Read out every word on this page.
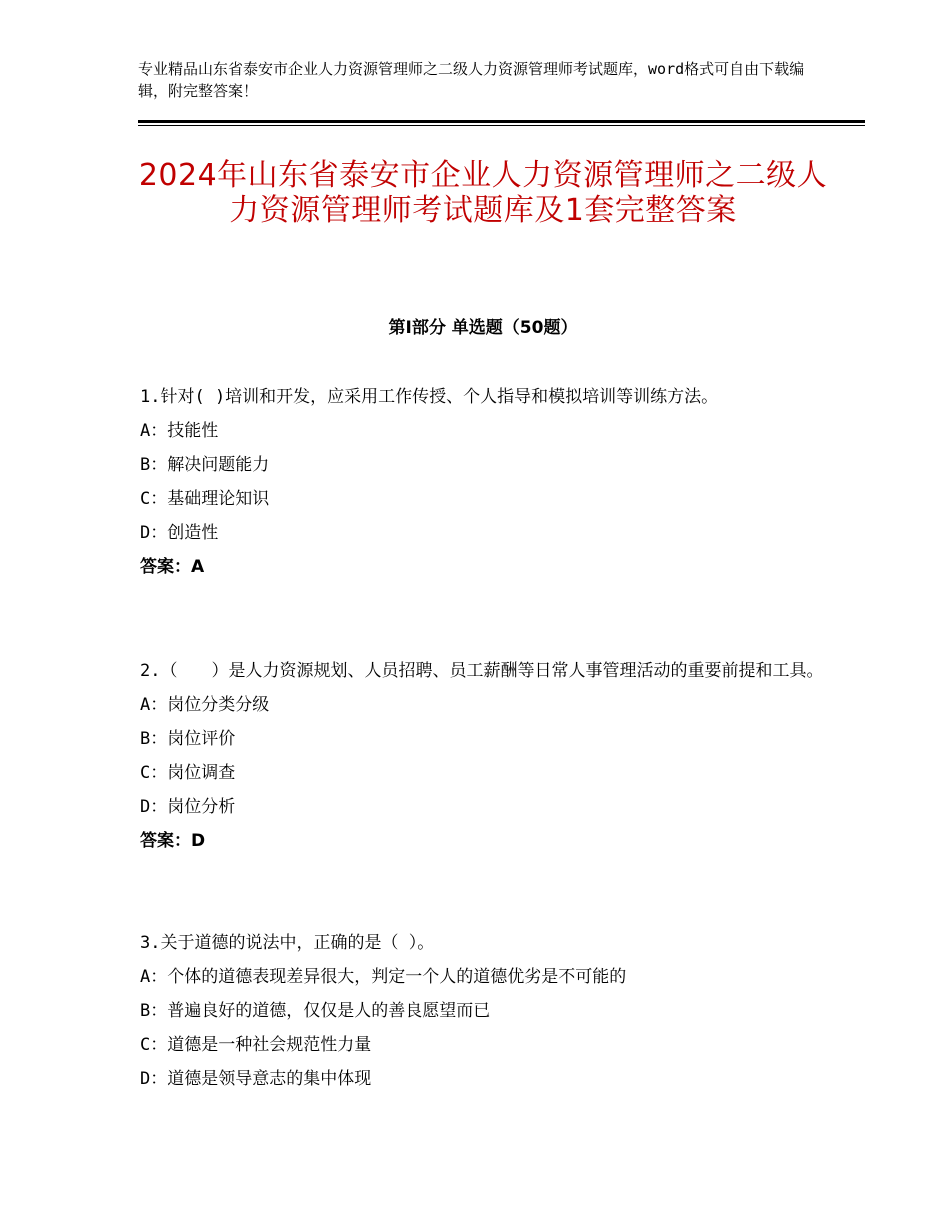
专业精品山东省泰安市企业人力资源管理师之二级人力资源管理师考试题库，word格式可自由下载编辑，附完整答案！
2024年山东省泰安市企业人力资源管理师之二级人力资源管理师考试题库及1套完整答案
第Ⅰ部分 单选题（50题）

1.针对( )培训和开发，应采用工作传授、个人指导和模拟培训等训练方法。

A：技能性

B：解决问题能力

C：基础理论知识

D：创造性

答案：A

2.（　　）是人力资源规划、人员招聘、员工薪酬等日常人事管理活动的重要前提和工具。

A：岗位分类分级

B：岗位评价

C：岗位调查

D：岗位分析

答案：D

3.关于道德的说法中，正确的是（ ）。

A：个体的道德表现差异很大，判定一个人的道德优劣是不可能的

B：普遍良好的道德，仅仅是人的善良愿望而已

C：道德是一种社会规范性力量

D：道德是领导意志的集中体现
